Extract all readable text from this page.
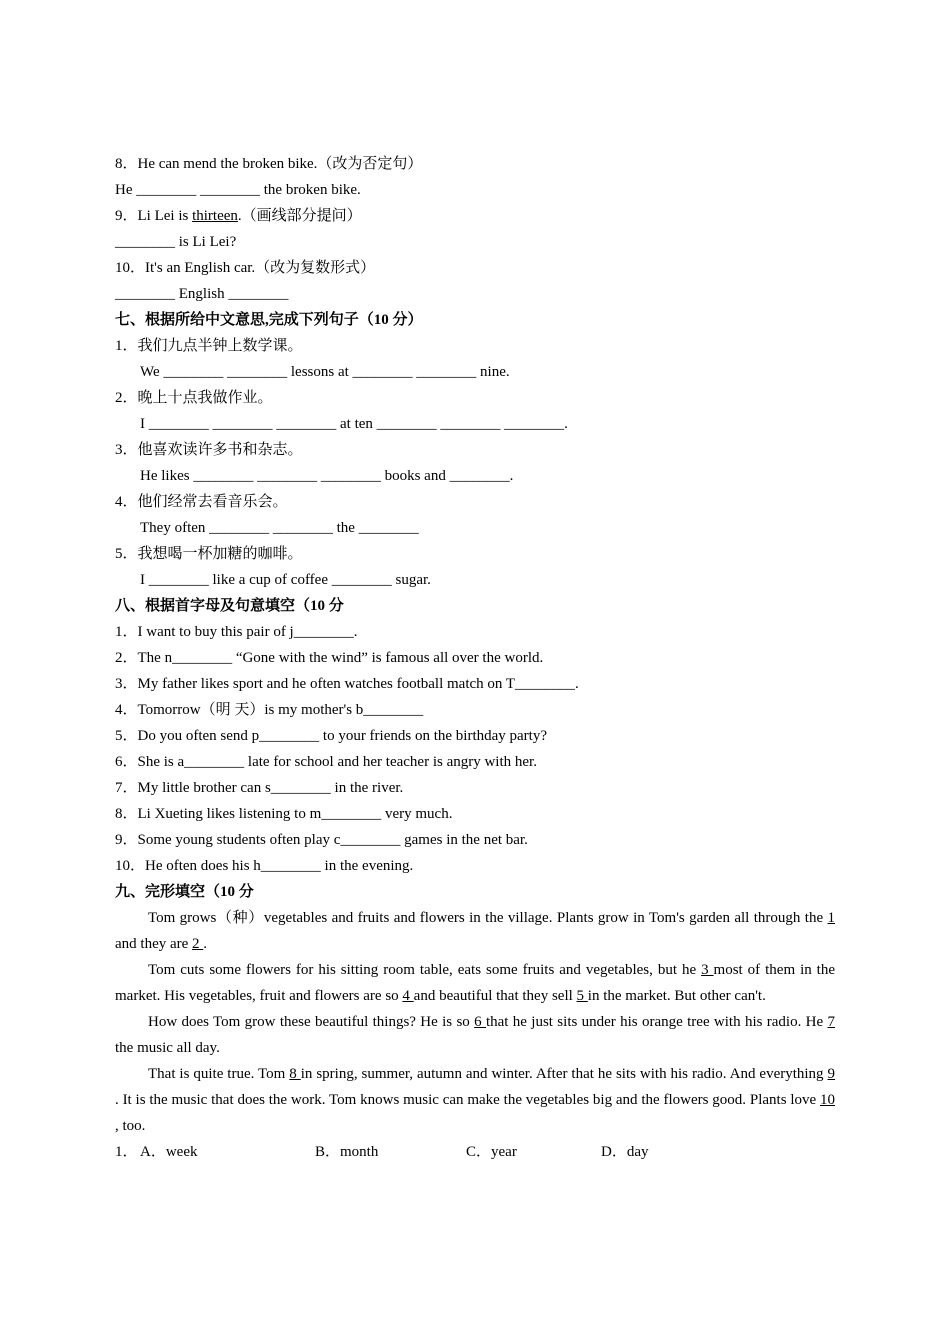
8．He can mend the broken bike.（改为否定句）
He ________ ________ the broken bike.
9．Li Lei is thirteen.（画线部分提问）
________ is Li Lei?
10．It's an English car.（改为复数形式）
________ English ________
七、根据所给中文意思,完成下列句子（10 分）
1．我们九点半钟上数学课。
We ________ ________ lessons at ________ ________ nine.
2．晚上十点我做作业。
I ________ ________ ________ at ten ________ ________ ________.
3．他喜欢读许多书和杂志。
He likes ________ ________ ________ books and ________.
4．他们经常去看音乐会。
They often ________ ________ the ________
5．我想喝一杯加糖的咖啡。
I ________ like a cup of coffee ________ sugar.
八、根据首字母及句意填空（10 分
1．I want to buy this pair of j________.
2．The n________ “Gone with the wind” is famous all over the world.
3．My father likes sport and he often watches football match on T________.
4．Tomorrow（明 天）is my mother's b________
5．Do you often send p________ to your friends on the birthday party?
6．She is a________ late for school and her teacher is angry with her.
7．My little brother can s________ in the river.
8．Li Xueting likes listening to m________ very much.
9．Some young students often play c________ games in the net bar.
10．He often does his h________ in the evening.
九、完形填空（10 分
Tom grows（种）vegetables and fruits and flowers in the village. Plants grow in Tom's garden all through the 1 and they are 2 .
Tom cuts some flowers for his sitting room table, eats some fruits and vegetables, but he 3 most of them in the market. His vegetables, fruit and flowers are so 4 and beautiful that they sell 5 in the market. But other can't.
How does Tom grow these beautiful things? He is so 6 that he just sits under his orange tree with his radio. He 7 the music all day.
That is quite true. Tom 8 in spring, summer, autumn and winter. After that he sits with his radio. And everything 9 . It is the music that does the work. Tom knows music can make the vegetables big and the flowers good. Plants love 10 , too.
1． A．week	B．month	C．year	D．day
